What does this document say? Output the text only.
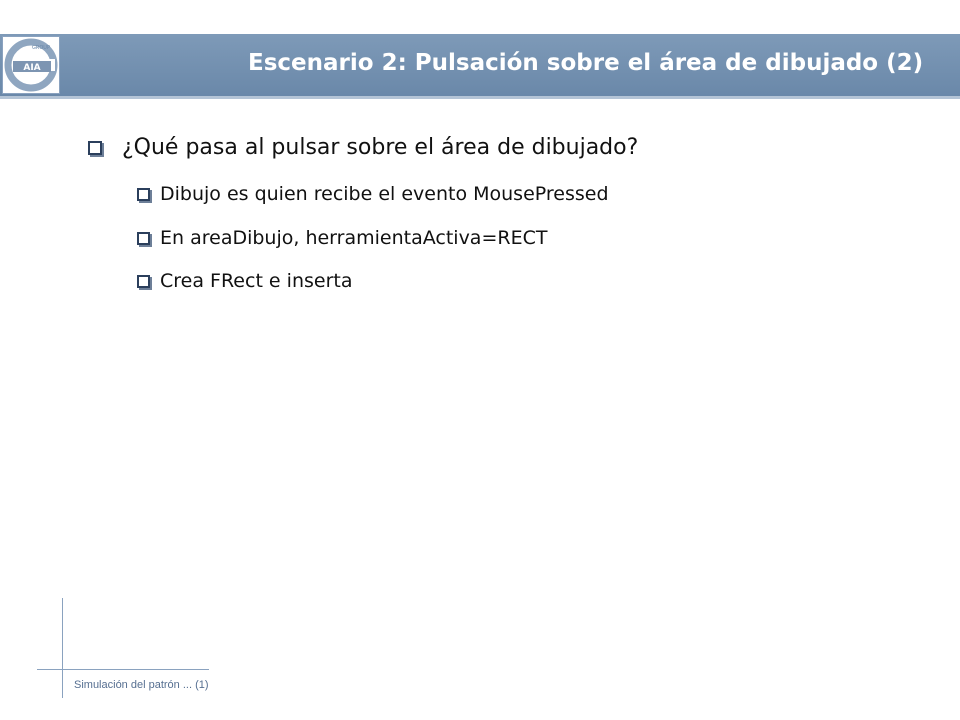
AIA
GROUP
Escenario 2: Pulsación sobre el área de dibujado (2)
¿Qué pasa al pulsar sobre el área de dibujado?
Dibujo es quien recibe el evento MousePressed
En areaDibujo, herramientaActiva=RECT
Crea FRect e inserta
Simulación del patrón ... (1)
